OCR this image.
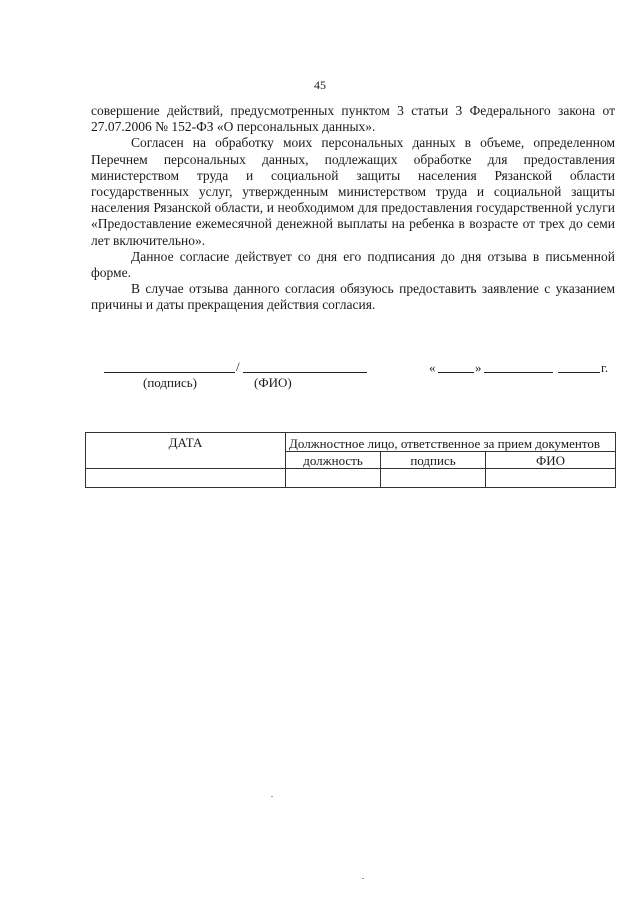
45

совершение действий, предусмотренных пунктом 3 статьи 3 Федерального закона от 27.07.2006 № 152-ФЗ «О персональных данных».

Согласен на обработку моих персональных данных в объеме, определенном Перечнем персональных данных, подлежащих обработке для предоставления министерством труда и социальной защиты населения Рязанской области государственных услуг, утвержденным министерством труда и социальной защиты населения Рязанской области, и необходимом для предоставления государственной услуги «Предоставление ежемесячной денежной выплаты на ребенка в возрасте от трех до семи лет включительно».

Данное согласие действует со дня его подписания до дня отзыва в письменной форме.

В случае отзыва данного согласия обязуюсь предоставить заявление с указанием причины и даты прекращения действия согласия.

/
(подпись)	(ФИО)
«	»	г.
ДАТА	Должностное лицо, ответственное за прием документов		
	должность	подпись	ФИО
